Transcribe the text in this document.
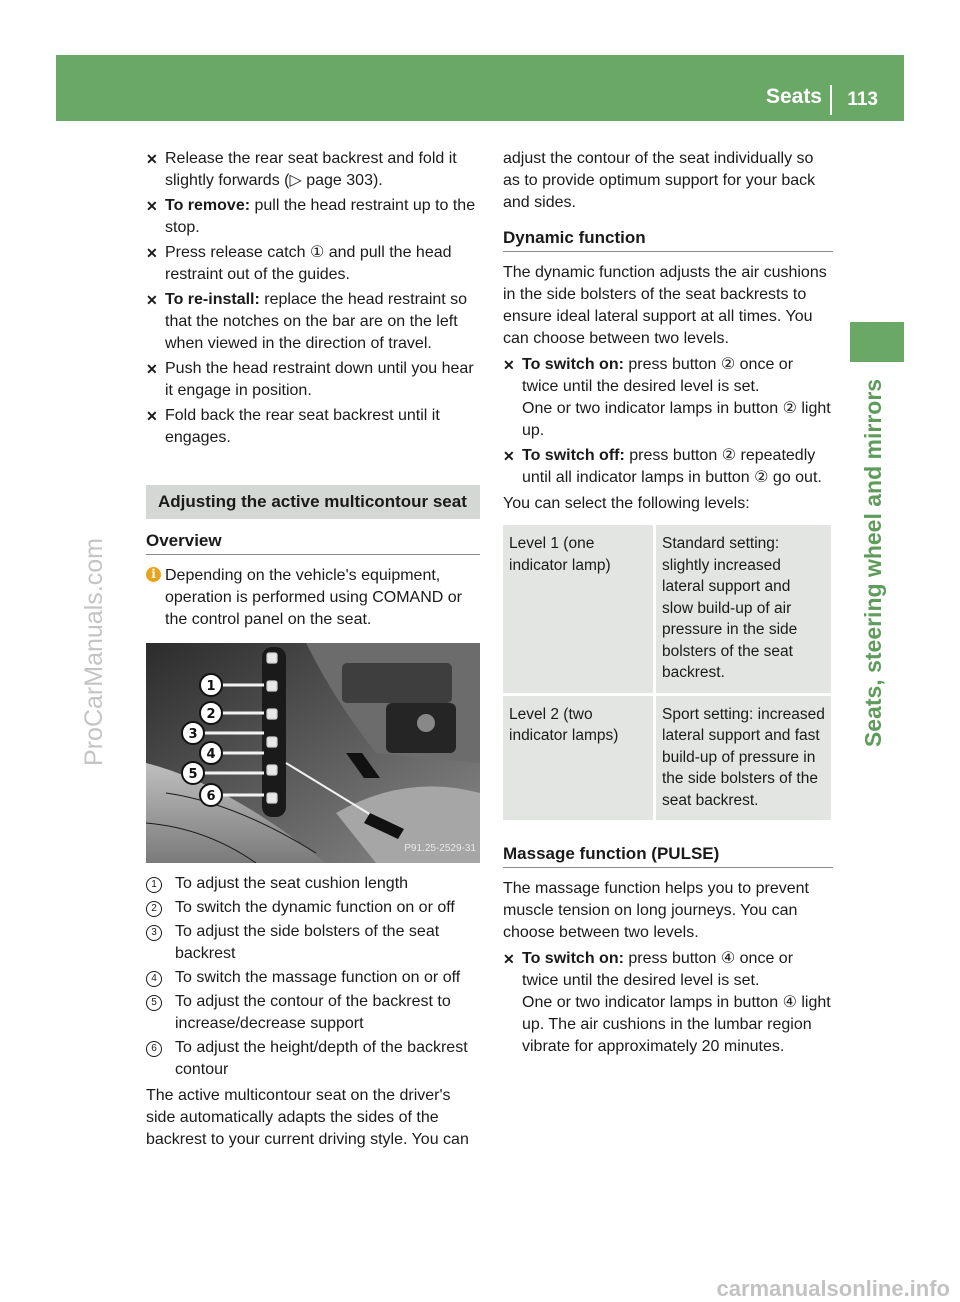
Seats 113
Seats, steering wheel and mirrors
ProCarManuals.com
carmanualsonline.info
✕ Release the rear seat backrest and fold it slightly forwards (▷ page 303).
✕ To remove: pull the head restraint up to the stop.
✕ Press release catch ① and pull the head restraint out of the guides.
✕ To re-install: replace the head restraint so that the notches on the bar are on the left when viewed in the direction of travel.
✕ Push the head restraint down until you hear it engage in position.
✕ Fold back the rear seat backrest until it engages.
Adjusting the active multicontour seat
Overview
i Depending on the vehicle's equipment, operation is performed using COMAND or the control panel on the seat.
1
2
3
4
5
6
P91.25-2529-31
1	To adjust the seat cushion length
2	To switch the dynamic function on or off
3	To adjust the side bolsters of the seat backrest
4	To switch the massage function on or off
5	To adjust the contour of the backrest to increase/decrease support
6	To adjust the height/depth of the backrest contour
The active multicontour seat on the driver's side automatically adapts the sides of the backrest to your current driving style. You can
adjust the contour of the seat individually so as to provide optimum support for your back and sides.
Dynamic function
The dynamic function adjusts the air cushions in the side bolsters of the seat backrests to ensure ideal lateral support at all times. You can choose between two levels.
✕ To switch on: press button ② once or twice until the desired level is set.
One or two indicator lamps in button ② light up.
✕ To switch off: press button ② repeatedly until all indicator lamps in button ② go out.
You can select the following levels:
Level 1 (one indicator lamp)	Standard setting: slightly increased lateral support and slow build-up of air pressure in the side bolsters of the seat backrest.
Level 2 (two indicator lamps)	Sport setting: increased lateral support and fast build-up of pressure in the side bolsters of the seat backrest.
Massage function (PULSE)
The massage function helps you to prevent muscle tension on long journeys. You can choose between two levels.
✕ To switch on: press button ④ once or twice until the desired level is set.
One or two indicator lamps in button ④ light up. The air cushions in the lumbar region vibrate for approximately 20 minutes.
